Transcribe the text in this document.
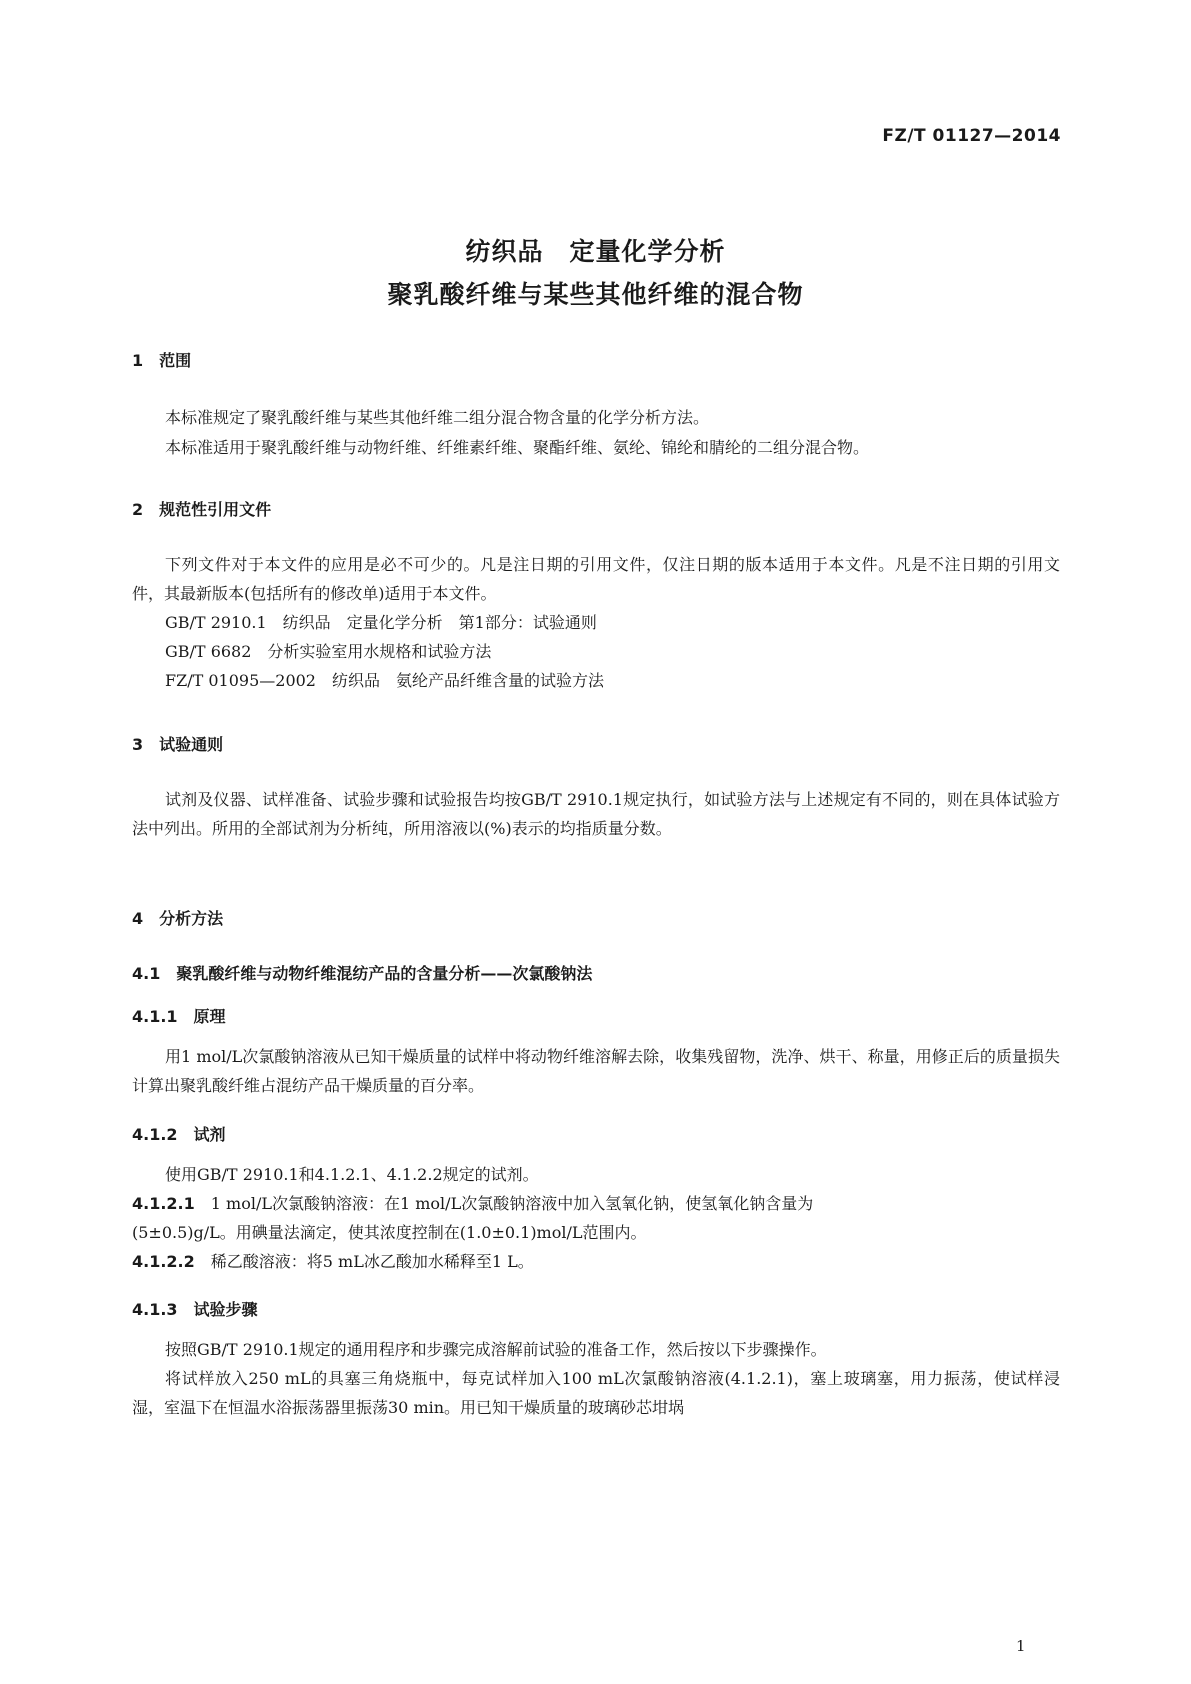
FZ/T 01127—2014
纺织品　定量化学分析
聚乳酸纤维与某些其他纤维的混合物
1　范围
本标准规定了聚乳酸纤维与某些其他纤维二组分混合物含量的化学分析方法。
本标准适用于聚乳酸纤维与动物纤维、纤维素纤维、聚酯纤维、氨纶、锦纶和腈纶的二组分混合物。
2　规范性引用文件
下列文件对于本文件的应用是必不可少的。凡是注日期的引用文件，仅注日期的版本适用于本文件。凡是不注日期的引用文件，其最新版本(包括所有的修改单)适用于本文件。
GB/T 2910.1　纺织品　定量化学分析　第1部分：试验通则
GB/T 6682　分析实验室用水规格和试验方法
FZ/T 01095—2002　纺织品　氨纶产品纤维含量的试验方法
3　试验通则
试剂及仪器、试样准备、试验步骤和试验报告均按GB/T 2910.1规定执行，如试验方法与上述规定有不同的，则在具体试验方法中列出。所用的全部试剂为分析纯，所用溶液以(%)表示的均指质量分数。
4　分析方法
4.1　聚乳酸纤维与动物纤维混纺产品的含量分析——次氯酸钠法
4.1.1　原理
用1 mol/L次氯酸钠溶液从已知干燥质量的试样中将动物纤维溶解去除，收集残留物，洗净、烘干、称量，用修正后的质量损失计算出聚乳酸纤维占混纺产品干燥质量的百分率。
4.1.2　试剂
使用GB/T 2910.1和4.1.2.1、4.1.2.2规定的试剂。
4.1.2.1　 1 mol/L次氯酸钠溶液：在1 mol/L次氯酸钠溶液中加入氢氧化钠，使氢氧化钠含量为
(5±0.5)g/L。用碘量法滴定，使其浓度控制在(1.0±0.1)mol/L范围内。
4.1.2.2　 稀乙酸溶液：将5 mL冰乙酸加水稀释至1 L。
4.1.3　试验步骤
按照GB/T 2910.1规定的通用程序和步骤完成溶解前试验的准备工作，然后按以下步骤操作。
将试样放入250 mL的具塞三角烧瓶中，每克试样加入100 mL次氯酸钠溶液(4.1.2.1)，塞上玻璃塞，用力振荡，使试样浸湿，室温下在恒温水浴振荡器里振荡30 min。用已知干燥质量的玻璃砂芯坩埚
1
